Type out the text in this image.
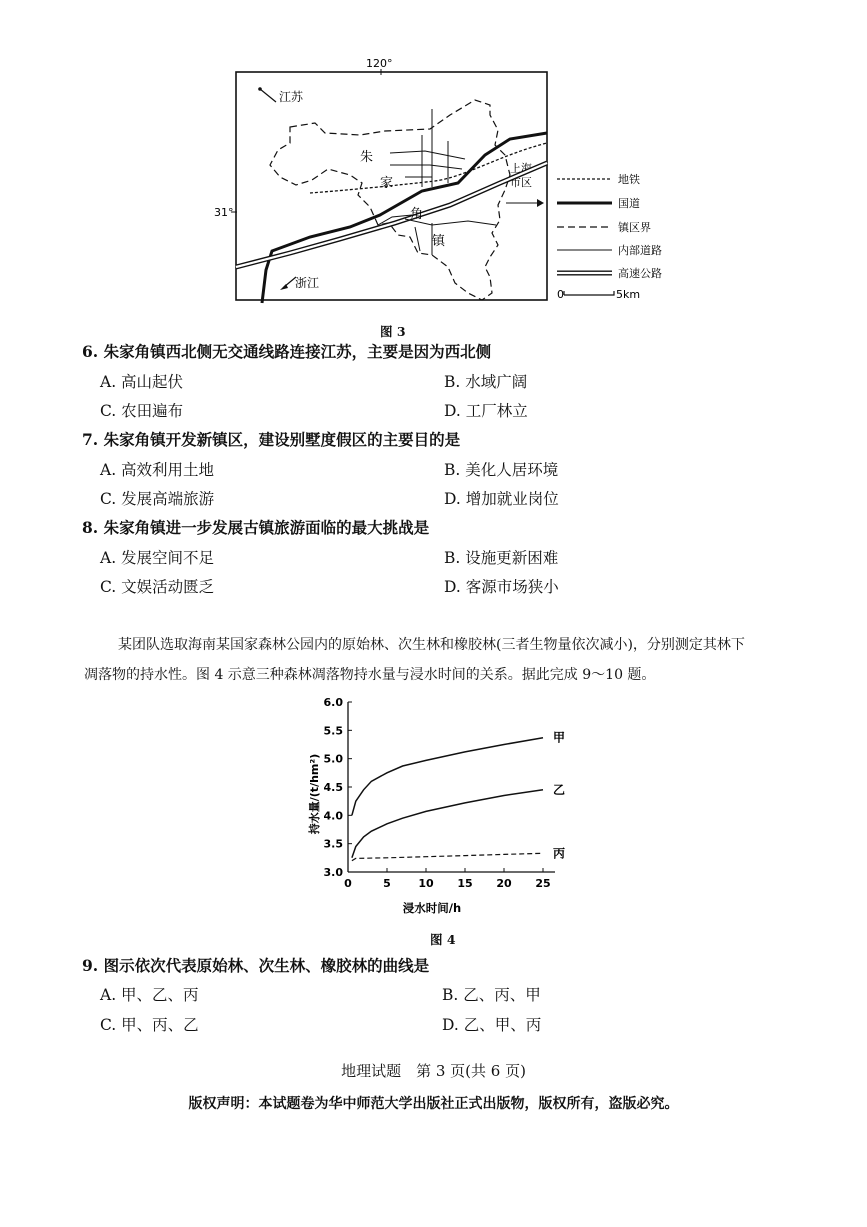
120°
31°
江苏
浙江
上海
市区
朱
家
角
镇
地铁
国道
镇区界
内部道路
高速公路
0	5km
图 3
6. 朱家角镇西北侧无交通线路连接江苏，主要是因为西北侧
A. 高山起伏	B. 水域广阔
C. 农田遍布	D. 工厂林立
7. 朱家角镇开发新镇区，建设别墅度假区的主要目的是
A. 高效利用土地	B. 美化人居环境
C. 发展高端旅游	D. 增加就业岗位
8. 朱家角镇进一步发展古镇旅游面临的最大挑战是
A. 发展空间不足	B. 设施更新困难
C. 文娱活动匮乏	D. 客源市场狭小
某团队选取海南某国家森林公园内的原始林、次生林和橡胶林(三者生物量依次减小)，分别测定其林下
凋落物的持水性。图 4 示意三种森林凋落物持水量与浸水时间的关系。据此完成 9～10 题。
3.0
3.5
4.0
4.5
5.0
5.5
6.0
0	5	10 15 20 25
甲
乙
丙
浸水时间/h
持水量/(t/hm²)
图 4
9. 图示依次代表原始林、次生林、橡胶林的曲线是
A. 甲、乙、丙	B. 乙、丙、甲
C. 甲、丙、乙	D. 乙、甲、丙
地理试题　第 3 页(共 6 页)
版权声明：本试题卷为华中师范大学出版社正式出版物，版权所有，盗版必究。
